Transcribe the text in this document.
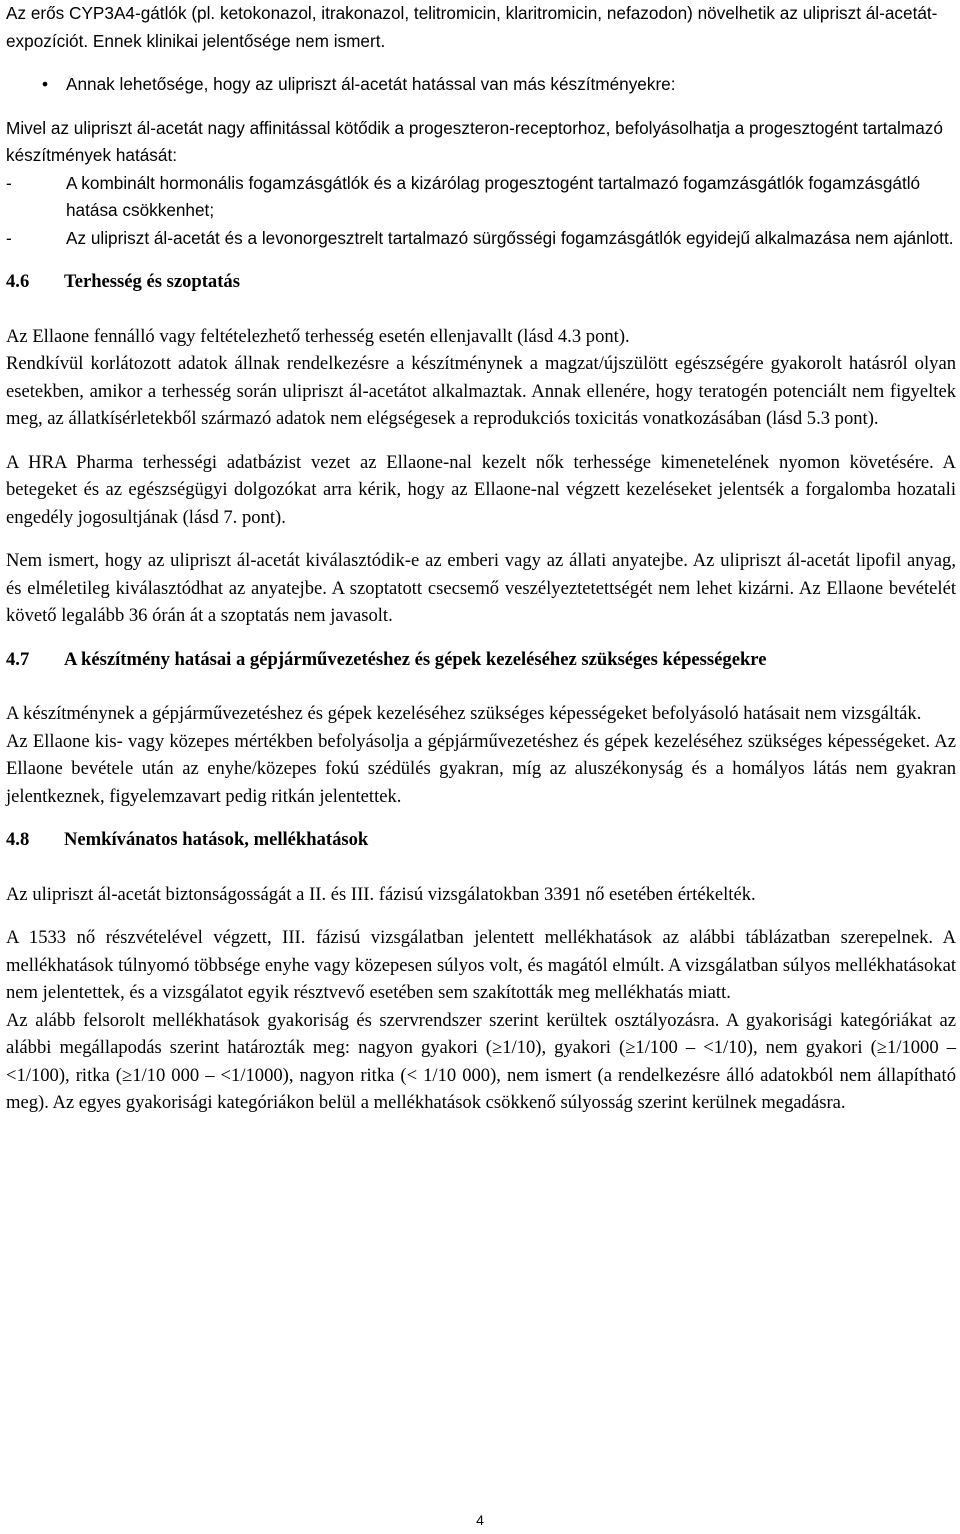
Az erős CYP3A4-gátlók (pl. ketokonazol, itrakonazol, telitromicin, klaritromicin, nefazodon) növelhetik az ulipriszt ál-acetát-expozíciót. Ennek klinikai jelentősége nem ismert.

•	Annak lehetősége, hogy az ulipriszt ál-acetát hatással van más készítményekre:

Mivel az ulipriszt ál-acetát nagy affinitással kötődik a progeszteron-receptorhoz, befolyásolhatja a progesztogént tartalmazó készítmények hatását:

-	A kombinált hormonális fogamzásgátlók és a kizárólag progesztogént tartalmazó fogamzásgátlók fogamzásgátló hatása csökkenhet;
-	Az ulipriszt ál-acetát és a levonorgesztrelt tartalmazó sürgősségi fogamzásgátlók egyidejű alkalmazása nem ajánlott.
4.6	Terhesség és szoptatás

Az Ellaone fennálló vagy feltételezhető terhesség esetén ellenjavallt (lásd 4.3 pont).

Rendkívül korlátozott adatok állnak rendelkezésre a készítménynek a magzat/újszülött egészségére gyakorolt hatásról olyan esetekben, amikor a terhesség során ulipriszt ál-acetátot alkalmaztak. Annak ellenére, hogy teratogén potenciált nem figyeltek meg, az állatkísérletekből származó adatok nem elégségesek a reprodukciós toxicitás vonatkozásában (lásd 5.3 pont).

A HRA Pharma terhességi adatbázist vezet az Ellaone-nal kezelt nők terhessége kimenetelének nyomon követésére. A betegeket és az egészségügyi dolgozókat arra kérik, hogy az Ellaone-nal végzett kezeléseket jelentsék a forgalomba hozatali engedély jogosultjának (lásd 7. pont).

Nem ismert, hogy az ulipriszt ál-acetát kiválasztódik-e az emberi vagy az állati anyatejbe. Az ulipriszt ál-acetát lipofil anyag, és elméletileg kiválasztódhat az anyatejbe. A szoptatott csecsemő veszélyeztetettségét nem lehet kizárni. Az Ellaone bevételét követő legalább 36 órán át a szoptatás nem javasolt.

4.7	A készítmény hatásai a gépjárművezetéshez és gépek kezeléséhez szükséges képességekre

A készítménynek a gépjárművezetéshez és gépek kezeléséhez szükséges képességeket befolyásoló hatásait nem vizsgálták.

Az Ellaone kis- vagy közepes mértékben befolyásolja a gépjárművezetéshez és gépek kezeléséhez szükséges képességeket. Az Ellaone bevétele után az enyhe/közepes fokú szédülés gyakran, míg az aluszékonyság és a homályos látás nem gyakran jelentkeznek, figyelemzavart pedig ritkán jelentettek.

4.8	Nemkívánatos hatások, mellékhatások

Az ulipriszt ál-acetát biztonságosságát a II. és III. fázisú vizsgálatokban 3391 nő esetében értékelték.

A 1533 nő részvételével végzett, III. fázisú vizsgálatban jelentett mellékhatások az alábbi táblázatban szerepelnek. A mellékhatások túlnyomó többsége enyhe vagy közepesen súlyos volt, és magától elmúlt. A vizsgálatban súlyos mellékhatásokat nem jelentettek, és a vizsgálatot egyik résztvevő esetében sem szakították meg mellékhatás miatt.

Az alább felsorolt mellékhatások gyakoriság és szervrendszer szerint kerültek osztályozásra. A gyakorisági kategóriákat az alábbi megállapodás szerint határozták meg: nagyon gyakori (≥1/10), gyakori (≥1/100 – <1/10), nem gyakori (≥1/1000 – <1/100), ritka (≥1/10 000 – <1/1000), nagyon ritka (< 1/10 000), nem ismert (a rendelkezésre álló adatokból nem állapítható meg). Az egyes gyakorisági kategóriákon belül a mellékhatások csökkenő súlyosság szerint kerülnek megadásra.

4
